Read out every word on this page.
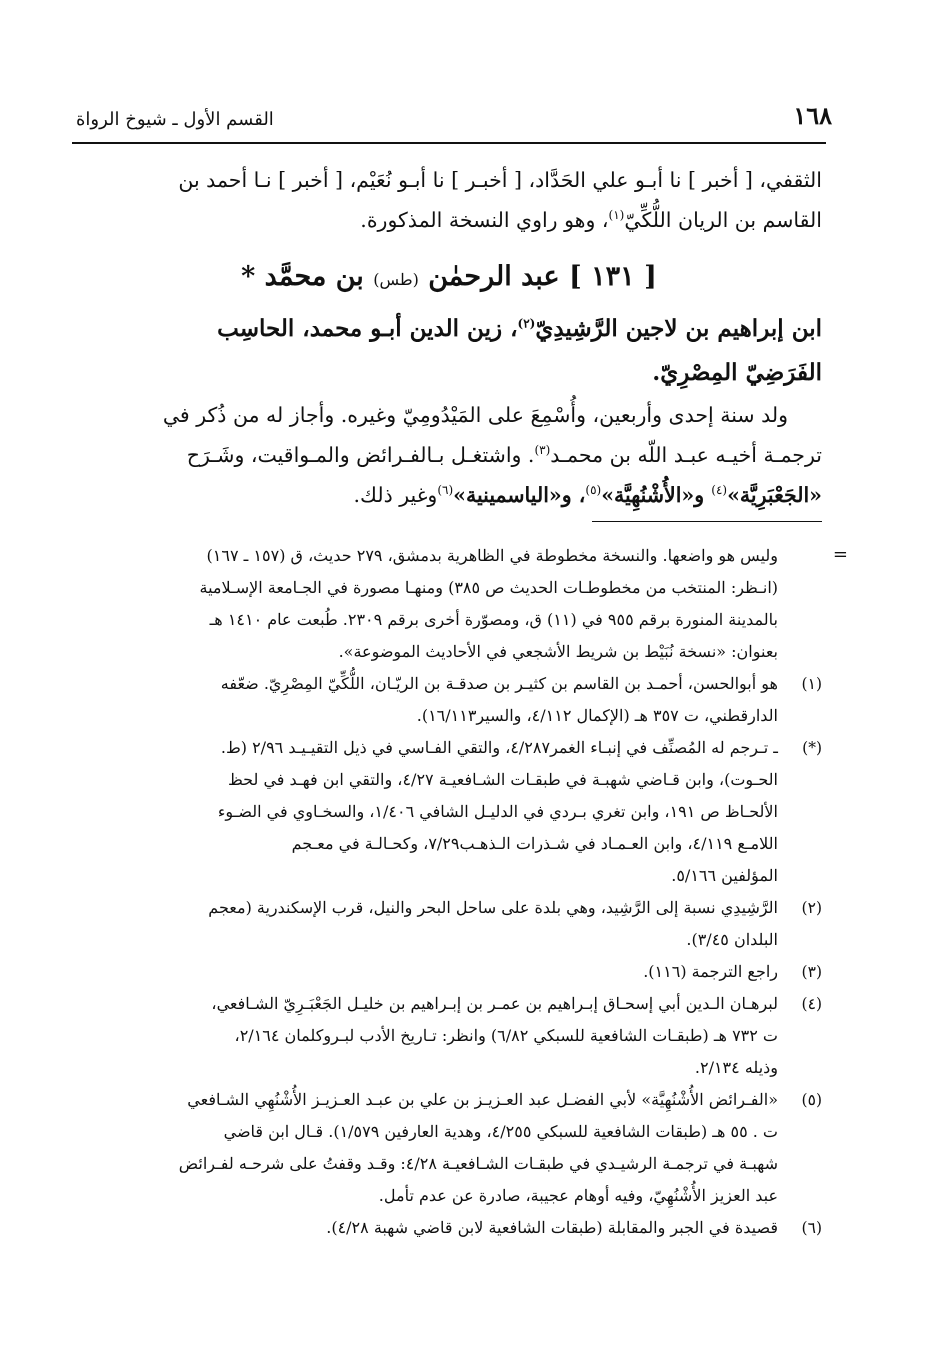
١٦٨
القسم الأول ـ شيوخ الرواة

الثقفي، [ أخبر ] نا أبـو علي الحَدَّاد، [ أخبـر ] نا أبـو نُعَيْم، [ أخبر ] نـا أحمد بن

القاسم بن الريان اللُّكِّيّ$^{(١)}$، وهو راوي النسخة المذكورة.

[ ١٣١ ] عبد الرحمٰن (طس) بن محمَّد *

ابن إبراهيم بن لاجين الرَّشِيدِيّ$^{(٢)}$، زين الدين أبـو محمد، الحاسِب

الفَرَضِيّ المِصْرِيّ.

ولد سنة إحدى وأربعين، وأُسْمِعَ على المَيْدُومِيّ وغيره. وأجاز له من ذُكر في

ترجمـة أخيـه عبـد اللّه بن محمـد$^{(٣)}$. واشتغـل بـالفـرائض والمـواقيت، وشَـرَح

«الجَعْبَرِيَّة»$^{(٤)}$ و«الأُشْنُهِيَّة»$^{(٥)}$، و«الياسمينية»$^{(٦)}$وغير ذلك.

=
وليس هو واضعها. والنسخة مخطوطة في الظاهرية بدمشق، ٢٧٩ حديث، ق (١٥٧ ـ ١٦٧)
(انـظر: المنتخب من مخطوطـات الحديث ص ٣٨٥) ومنهـا مصورة في الجـامعة الإسـلامية
بالمدينة المنورة برقم ٩٥٥ في (١١) ق، ومصوّرة أخرى برقم ٢٣٠٩. طُبعت عام ١٤١٠ هـ
بعنوان: «نسخة نُبَيْط بن شريط الأشجعي في الأحاديث الموضوعة».
(١)
هو أبوالحسن، أحمـد بن القاسم بن كثيـر بن صدقـة بن الريّـان، اللُّكِّيّ المِصْرِيّ. ضعّفه
الدارقطني، ت ٣٥٧ هـ (الإكمال ٤/١١٢، والسير١٦/١١٣).
(*)
ـ تـرجم له المُصنِّف في إنبـاء الغمر٤/٢٨٧، والتقي الفـاسي في ذيل التقيـيـد ٢/٩٦ (ط.
الحـوت)، وابن قـاضي شهبـة في طبقـات الشـافعيـة ٤/٢٧، والتقي ابن فهـد في لحظ
الألحـاظ ص ١٩١، وابن تغري بـردي في الدليـل الشافي ١/٤٠٦، والسخـاوي في الضـوء
اللامـع ٤/١١٩، وابن العـمـاد في شـذرات الـذهـب٧/٢٩، وكحـالـة في معـجم
المؤلفين ٥/١٦٦.
(٢)
الرَّشِيدِي نسبة إلى الرَّشِيد، وهي بلدة على ساحل البحر والنيل، قرب الإسكندرية (معجم
البلدان ٣/٤٥).
(٣)
راجع الترجمة (١١٦).
(٤)
لبرهـان الـدين أبي إسحـاق إبـراهيم بن عمـر بن إبـراهيم بن خليـل الجَعْبَـرِيّ الشـافعي،
ت ٧٣٢ هـ (طبقـات الشافعية للسبكي ٦/٨٢) وانظر: تـاريخ الأدب لبـروكلمان ٢/١٦٤،
وذيله ٢/١٣٤.
(٥)
«الفـرائض الأُشْنُهِيَّة» لأبي الفضـل عبد العـزيـز بن علي بن عبـد العـزيـز الأُشْنُهِي الشـافعي
ت . ٥٥ هـ (طبقات الشافعية للسبكي ٤/٢٥٥، وهدية العارفين ١/٥٧٩). قـال ابن قاضي
شهبـة في ترجمـة الرشيـدي في طبقـات الشـافعيـة ٤/٢٨: وقـد وقفتُ على شرحـه لفـرائض
عبد العزيز الأُشْنُهِيّ، وفيه أوهام عجيبة، صادرة عن عدم تأمل.
(٦)
قصيدة في الجبر والمقابلة (طبقات الشافعية لابن قاضي شهبة ٤/٢٨).
